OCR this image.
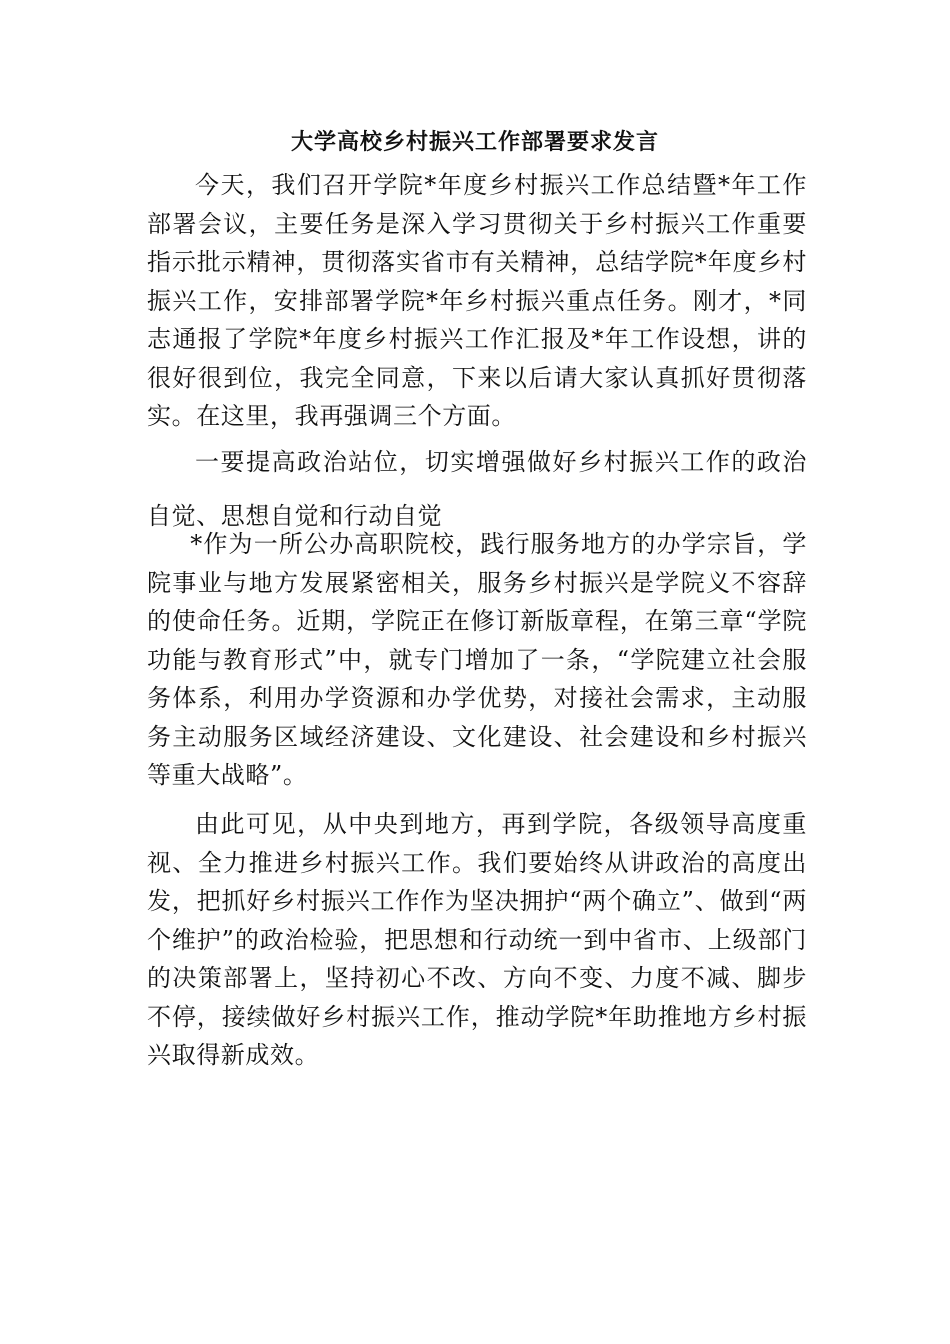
大学高校乡村振兴工作部署要求发言

今天，我们召开学院*年度乡村振兴工作总结暨*年工作部署会议，主要任务是深入学习贯彻关于乡村振兴工作重要指示批示精神，贯彻落实省市有关精神，总结学院*年度乡村振兴工作，安排部署学院*年乡村振兴重点任务。刚才，*同志通报了学院*年度乡村振兴工作汇报及*年工作设想，讲的很好很到位，我完全同意，下来以后请大家认真抓好贯彻落实。在这里，我再强调三个方面。

一要提高政治站位，切实增强做好乡村振兴工作的政治自觉、思想自觉和行动自觉

*作为一所公办高职院校，践行服务地方的办学宗旨，学院事业与地方发展紧密相关，服务乡村振兴是学院义不容辞的使命任务。近期，学院正在修订新版章程，在第三章“学院功能与教育形式”中，就专门增加了一条，“学院建立社会服务体系，利用办学资源和办学优势，对接社会需求，主动服务主动服务区域经济建设、文化建设、社会建设和乡村振兴等重大战略”。

由此可见，从中央到地方，再到学院，各级领导高度重视、全力推进乡村振兴工作。我们要始终从讲政治的高度出发，把抓好乡村振兴工作作为坚决拥护“两个确立”、做到“两个维护”的政治检验，把思想和行动统一到中省市、上级部门的决策部署上，坚持初心不改、方向不变、力度不减、脚步不停，接续做好乡村振兴工作，推动学院*年助推地方乡村振兴取得新成效。
